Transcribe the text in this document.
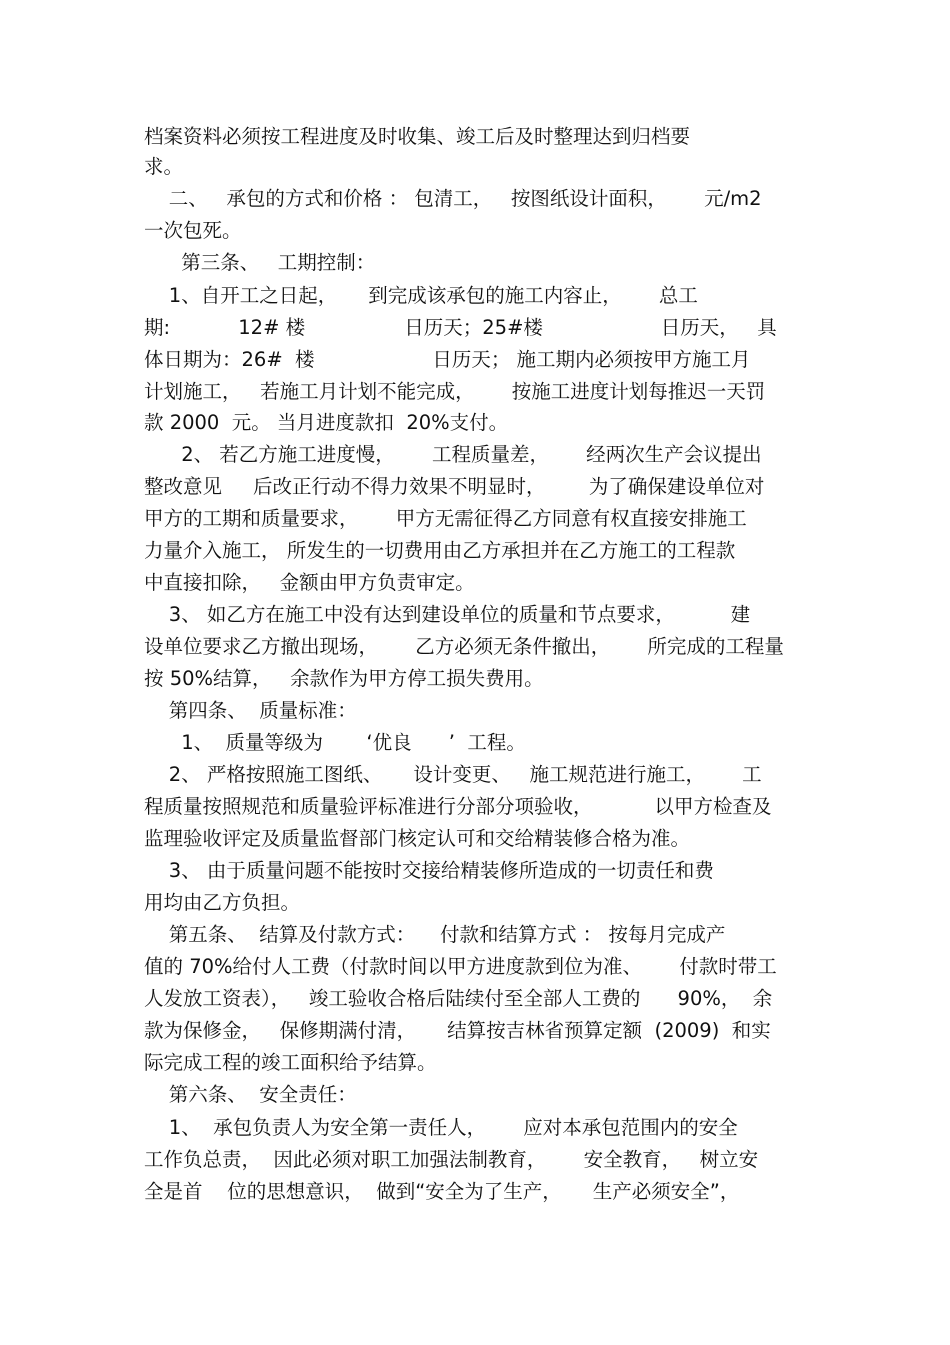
档案资料必须按工程进度及时收集、竣工后及时整理达到归档要
求。
二、   承包的方式和价格 ： 包清工，   按图纸设计面积，      元/m2
一次包死。
第三条、   工期控制：
1、自开工之日起，     到完成该承包的施工内容止，      总工
期:           12# 楼                日历天；25#楼                   日历天，   具
体日期为：26#  楼                   日历天； 施工期内必须按甲方施工月
计划施工，   若施工月计划不能完成，      按施工进度计划每推迟一天罚
款 2000  元。 当月进度款扣  20%支付。
2、 若乙方施工进度慢，      工程质量差，      经两次生产会议提出
整改意见     后改正行动不得力效果不明显时，       为了确保建设单位对
甲方的工期和质量要求，      甲方无需征得乙方同意有权直接安排施工
力量介入施工， 所发生的一切费用由乙方承担并在乙方施工的工程款
中直接扣除，   金额由甲方负责审定。
3、 如乙方在施工中没有达到建设单位的质量和节点要求，         建
设单位要求乙方撤出现场，      乙方必须无条件撤出，      所完成的工程量
按 50%结算，   余款作为甲方停工损失费用。
第四条、  质量标准：
1、  质量等级为       ‘优良      ’  工程。
2、 严格按照施工图纸、     设计变更、   施工规范进行施工，      工
程质量按照规范和质量验评标准进行分部分项验收，          以甲方检查及
监理验收评定及质量监督部门核定认可和交给精装修合格为准。
3、 由于质量问题不能按时交接给精装修所造成的一切责任和费
用均由乙方负担。
第五条、  结算及付款方式：    付款和结算方式 ： 按每月完成产
值的 70%给付人工费（付款时间以甲方进度款到位为准、      付款时带工
人发放工资表），   竣工验收合格后陆续付至全部人工费的      90%，  余
款为保修金，   保修期满付清，     结算按吉林省预算定额  (2009)  和实
际完成工程的竣工面积给予结算。
第六条、  安全责任：
1、  承包负责人为安全第一责任人，      应对本承包范围内的安全
工作负总责，  因此必须对职工加强法制教育，      安全教育，   树立安
全是首    位的思想意识，  做到“安全为了生产，     生产必须安全”，
